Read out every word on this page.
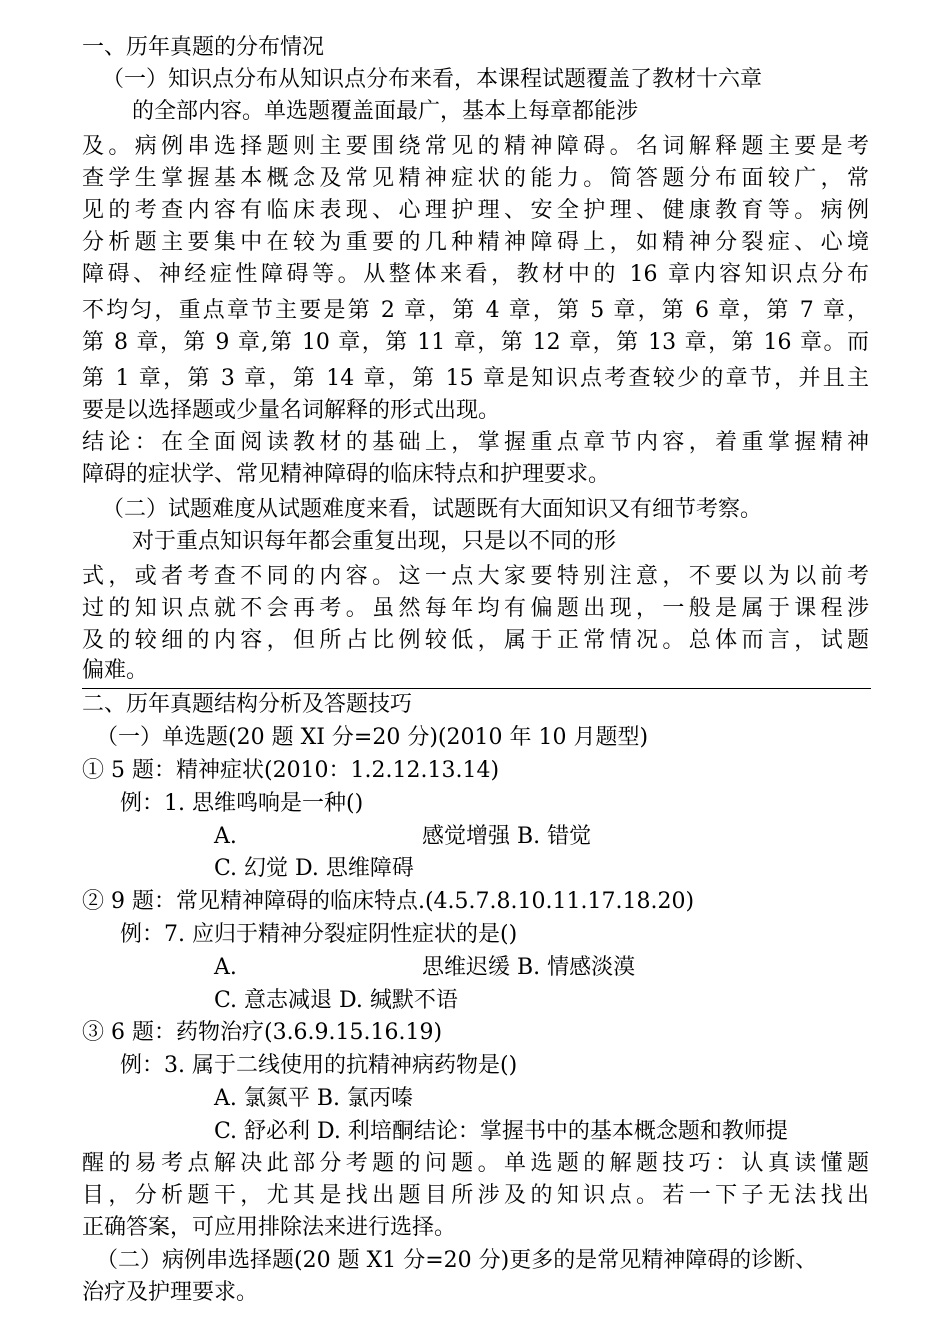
一、历年真题的分布情况

（一）知识点分布从知识点分布来看，本课程试题覆盖了教材十六章

的全部内容。单选题覆盖面最广，基本上每章都能涉

及。病例串选择题则主要围绕常见的精神障碍。名词解释题主要是考

查学生掌握基本概念及常见精神症状的能力。简答题分布面较广，常

见的考查内容有临床表现、心理护理、安全护理、健康教育等。病例

分析题主要集中在较为重要的几种精神障碍上，如精神分裂症、心境

障碍、神经症性障碍等。从整体来看，教材中的 16 章内容知识点分布

不均匀，重点章节主要是第 2 章，第 4 章，第 5 章，第 6 章，第 7 章，

第 8 章，第 9 章,第 10 章，第 11 章，第 12 章，第 13 章，第 16 章。而

第 1 章，第 3 章，第 14 章，第 15 章是知识点考查较少的章节，并且主

要是以选择题或少量名词解释的形式出现。

结论：在全面阅读教材的基础上，掌握重点章节内容，着重掌握精神

障碍的症状学、常见精神障碍的临床特点和护理要求。

（二）试题难度从试题难度来看，试题既有大面知识又有细节考察。

对于重点知识每年都会重复出现，只是以不同的形

式，或者考查不同的内容。这一点大家要特别注意，不要以为以前考

过的知识点就不会再考。虽然每年均有偏题出现，一般是属于课程涉

及的较细的内容，但所占比例较低，属于正常情况。总体而言，试题

偏难。

二、历年真题结构分析及答题技巧

（一）单选题(20 题 XI 分=20 分)(2010 年 10 月题型)

① 5 题：精神症状(2010：1.2.12.13.14)

例：1. 思维鸣响是一种()

A.	感觉增强 B. 错觉

C. 幻觉 D. 思维障碍

② 9 题：常见精神障碍的临床特点.(4.5.7.8.10.11.17.18.20)

例：7. 应归于精神分裂症阴性症状的是()

A.	思维迟缓 B. 情感淡漠

C. 意志减退 D. 缄默不语

③ 6 题：药物治疗(3.6.9.15.16.19)

例：3. 属于二线使用的抗精神病药物是()

A. 氯氮平 B. 氯丙嗪

C. 舒必利 D. 利培酮结论：掌握书中的基本概念题和教师提

醒的易考点解决此部分考题的问题。单选题的解题技巧：认真读懂题

目，分析题干，尤其是找出题目所涉及的知识点。若一下子无法找出

正确答案，可应用排除法来进行选择。

（二）病例串选择题(20 题 X1 分=20 分)更多的是常见精神障碍的诊断、

治疗及护理要求。
